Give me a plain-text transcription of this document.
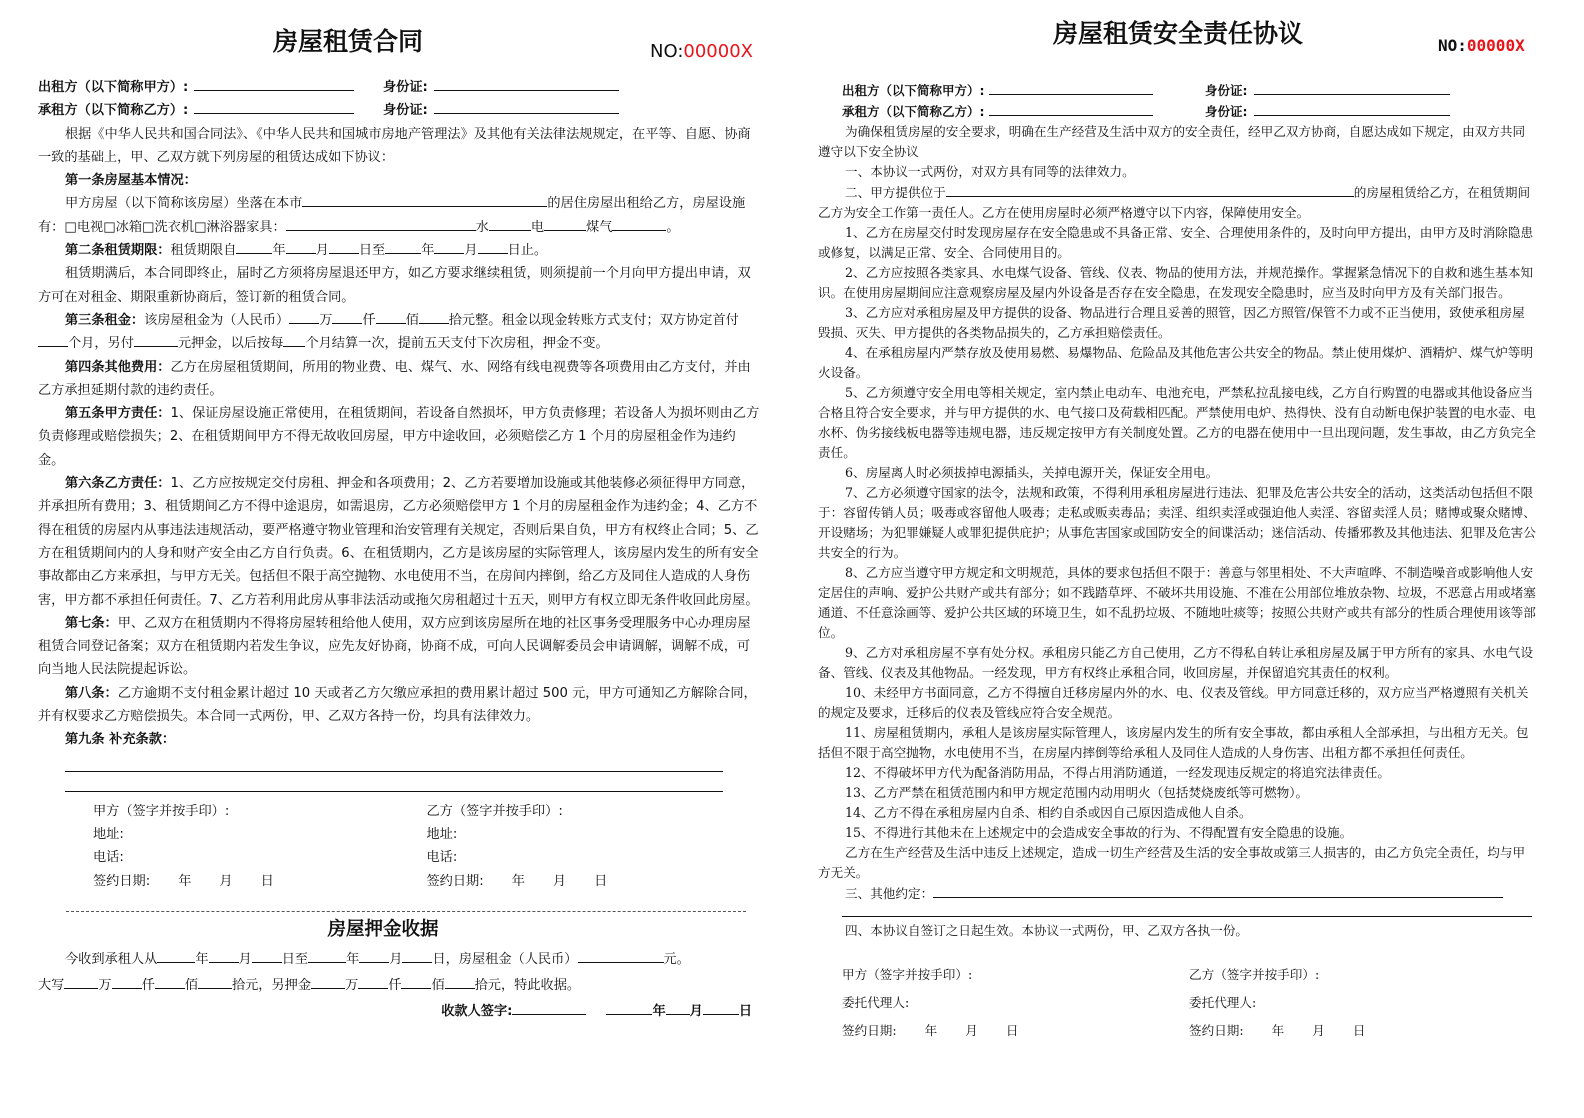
房屋租赁合同	NO:00000X
出租方（以下简称甲方）:	身份证:
承租方（以下简称乙方）:	身份证:

根据《中华人民共和国合同法》、《中华人民共和国城市房地产管理法》及其他有关法律法规规定，在平等、自愿、协商一致的基础上，甲、乙双方就下列房屋的租赁达成如下协议：

第一条房屋基本情况：

甲方房屋（以下简称该房屋）坐落在本市	的居住房屋出租给乙方，房屋设施有：□电视□冰箱□洗衣机□淋浴器家具：	水	电	煤气	。

第二条租赁期限：租赁期限自	年 月 日至	年 月 日止。

租赁期满后，本合同即终止，届时乙方须将房屋退还甲方，如乙方要求继续租赁，则须提前一个月向甲方提出申请，双方可在对租金、期限重新协商后，签订新的租赁合同。

第三条租金：该房屋租金为（人民币） 万 仟 佰 拾元整。租金以现金转账方式支付；双方协定首付个月，另付	元押金，以后按每 个月结算一次，提前五天支付下次房租，押金不变。

第四条其他费用：乙方在房屋租赁期间，所用的物业费、电、煤气、水、网络有线电视费等各项费用由乙方支付，并由乙方承担延期付款的违约责任。

第五条甲方责任：1、保证房屋设施正常使用，在租赁期间，若设备自然损坏，甲方负责修理；若设备人为损坏则由乙方负责修理或赔偿损失；2、在租赁期间甲方不得无故收回房屋，甲方中途收回，必须赔偿乙方 1 个月的房屋租金作为违约金。

第六条乙方责任：1、乙方应按规定交付房租、押金和各项费用；2、乙方若要增加设施或其他装修必须征得甲方同意，并承担所有费用；3、租赁期间乙方不得中途退房，如需退房，乙方必须赔偿甲方 1 个月的房屋租金作为违约金；4、乙方不得在租赁的房屋内从事违法违规活动，要严格遵守物业管理和治安管理有关规定，否则后果自负，甲方有权终止合同；5、乙方在租赁期间内的人身和财产安全由乙方自行负责。6、在租赁期内，乙方是该房屋的实际管理人，该房屋内发生的所有安全事故都由乙方来承担，与甲方无关。包括但不限于高空抛物、水电使用不当，在房间内摔倒，给乙方及同住人造成的人身伤害，甲方都不承担任何责任。7、乙方若利用此房从事非法活动或拖欠房租超过十五天，则甲方有权立即无条件收回此房屋。

第七条：甲、乙双方在租赁期内不得将房屋转租给他人使用，双方应到该房屋所在地的社区事务受理服务中心办理房屋租赁合同登记备案；双方在租赁期内若发生争议，应先友好协商，协商不成，可向人民调解委员会申请调解，调解不成，可向当地人民法院提起诉讼。

第八条：乙方逾期不支付租金累计超过 10 天或者乙方欠缴应承担的费用累计超过 500 元，甲方可通知乙方解除合同，并有权要求乙方赔偿损失。本合同一式两份，甲、乙双方各持一份，均具有法律效力。

第九条 补充条款：

甲方（签字并按手印）:
地址:
电话:
签约日期: 年 月 日
乙方（签字并按手印）:
地址:
电话:
签约日期: 年 月 日
房屋押金收据

今收到承租人从	年 月 日至	年 月 日，房屋租金（人民币）	元。

大写	万 仟 佰	拾元，另押金	万 仟 佰 拾元，特此收据。

收款人签字:	年 月	日

房屋租赁安全责任协议	NO:00000X
出租方（以下简称甲方）:	身份证:
承租方（以下简称乙方）:	身份证:

为确保租赁房屋的安全要求，明确在生产经营及生活中双方的安全责任，经甲乙双方协商，自愿达成如下规定，由双方共同遵守以下安全协议

一、本协议一式两份，对双方具有同等的法律效力。

二、甲方提供位于	的房屋租赁给乙方，在租赁期间乙方为安全工作第一责任人。乙方在使用房屋时必须严格遵守以下内容，保障使用安全。

1、乙方在房屋交付时发现房屋存在安全隐患或不具备正常、安全、合理使用条件的，及时向甲方提出，由甲方及时消除隐患或修复，以满足正常、安全、合同使用目的。

2、乙方应按照各类家具、水电煤气设备、管线、仪表、物品的使用方法，并规范操作。掌握紧急情况下的自救和逃生基本知识。在使用房屋期间应注意观察房屋及屋内外设备是否存在安全隐患，在发现安全隐患时，应当及时向甲方及有关部门报告。

3、乙方应对承租房屋及甲方提供的设备、物品进行合理且妥善的照管，因乙方照管/保管不力或不正当使用，致使承租房屋毁损、灭失、甲方提供的各类物品损失的，乙方承担赔偿责任。

4、在承租房屋内严禁存放及使用易燃、易爆物品、危险品及其他危害公共安全的物品。禁止使用煤炉、酒精炉、煤气炉等明火设备。

5、乙方须遵守安全用电等相关规定，室内禁止电动车、电池充电，严禁私拉乱接电线，乙方自行购置的电器或其他设备应当合格且符合安全要求，并与甲方提供的水、电气接口及荷载相匹配。严禁使用电炉、热得快、没有自动断电保护装置的电水壶、电水杯、伪劣接线板电器等违规电器，违反规定按甲方有关制度处置。乙方的电器在使用中一旦出现问题，发生事故，由乙方负完全责任。

6、房屋离人时必须拔掉电源插头，关掉电源开关，保证安全用电。

7、乙方必须遵守国家的法令，法规和政策，不得利用承租房屋进行违法、犯罪及危害公共安全的活动，这类活动包括但不限于：容留传销人员；吸毒或容留他人吸毒；走私或贩卖毒品；卖淫、组织卖淫或强迫他人卖淫、容留卖淫人员；赌博或聚众赌博、开设赌场；为犯罪嫌疑人或罪犯提供庇护；从事危害国家或国防安全的间谍活动；迷信活动、传播邪教及其他违法、犯罪及危害公共安全的行为。

8、乙方应当遵守甲方规定和文明规范，具体的要求包括但不限于：善意与邻里相处、不大声喧哗、不制造噪音或影响他人安定居住的声响、爱护公共财产或共有部分；如不践踏草坪、不破坏共用设施、不准在公用部位堆放杂物、垃圾，不恶意占用或堵塞通道、不任意涂画等、爱护公共区域的环境卫生，如不乱扔垃圾、不随地吐痰等；按照公共财产或共有部分的性质合理使用该等部位。

9、乙方对承租房屋不享有处分权。承租房只能乙方自己使用，乙方不得私自转让承租房屋及属于甲方所有的家具、水电气设备、管线、仪表及其他物品。一经发现，甲方有权终止承租合同，收回房屋，并保留追究其责任的权利。

10、未经甲方书面同意，乙方不得擅自迁移房屋内外的水、电、仪表及管线。甲方同意迁移的，双方应当严格遵照有关机关的规定及要求，迁移后的仪表及管线应符合安全规范。

11、房屋租赁期内，承租人是该房屋实际管理人，该房屋内发生的所有安全事故，都由承租人全部承担，与出租方无关。包括但不限于高空抛物，水电使用不当，在房屋内摔倒等给承租人及同住人造成的人身伤害、出租方都不承担任何责任。

12、不得破坏甲方代为配备消防用品，不得占用消防通道，一经发现违反规定的将追究法律责任。

13、乙方严禁在租赁范围内和甲方规定范围内动用明火（包括焚烧废纸等可燃物）。

14、乙方不得在承租房屋内自杀、相约自杀或因自己原因造成他人自杀。

15、不得进行其他未在上述规定中的会造成安全事故的行为、不得配置有安全隐患的设施。

乙方在生产经营及生活中违反上述规定，造成一切生产经营及生活的安全事故或第三人损害的，由乙方负完全责任，均与甲方无关。

三、其他约定：

四、本协议自签订之日起生效。本协议一式两份，甲、乙双方各执一份。

甲方（签字并按手印）:
委托代理人:
签约日期: 年 月 日
乙方（签字并按手印）:
委托代理人:
签约日期: 年 月 日
